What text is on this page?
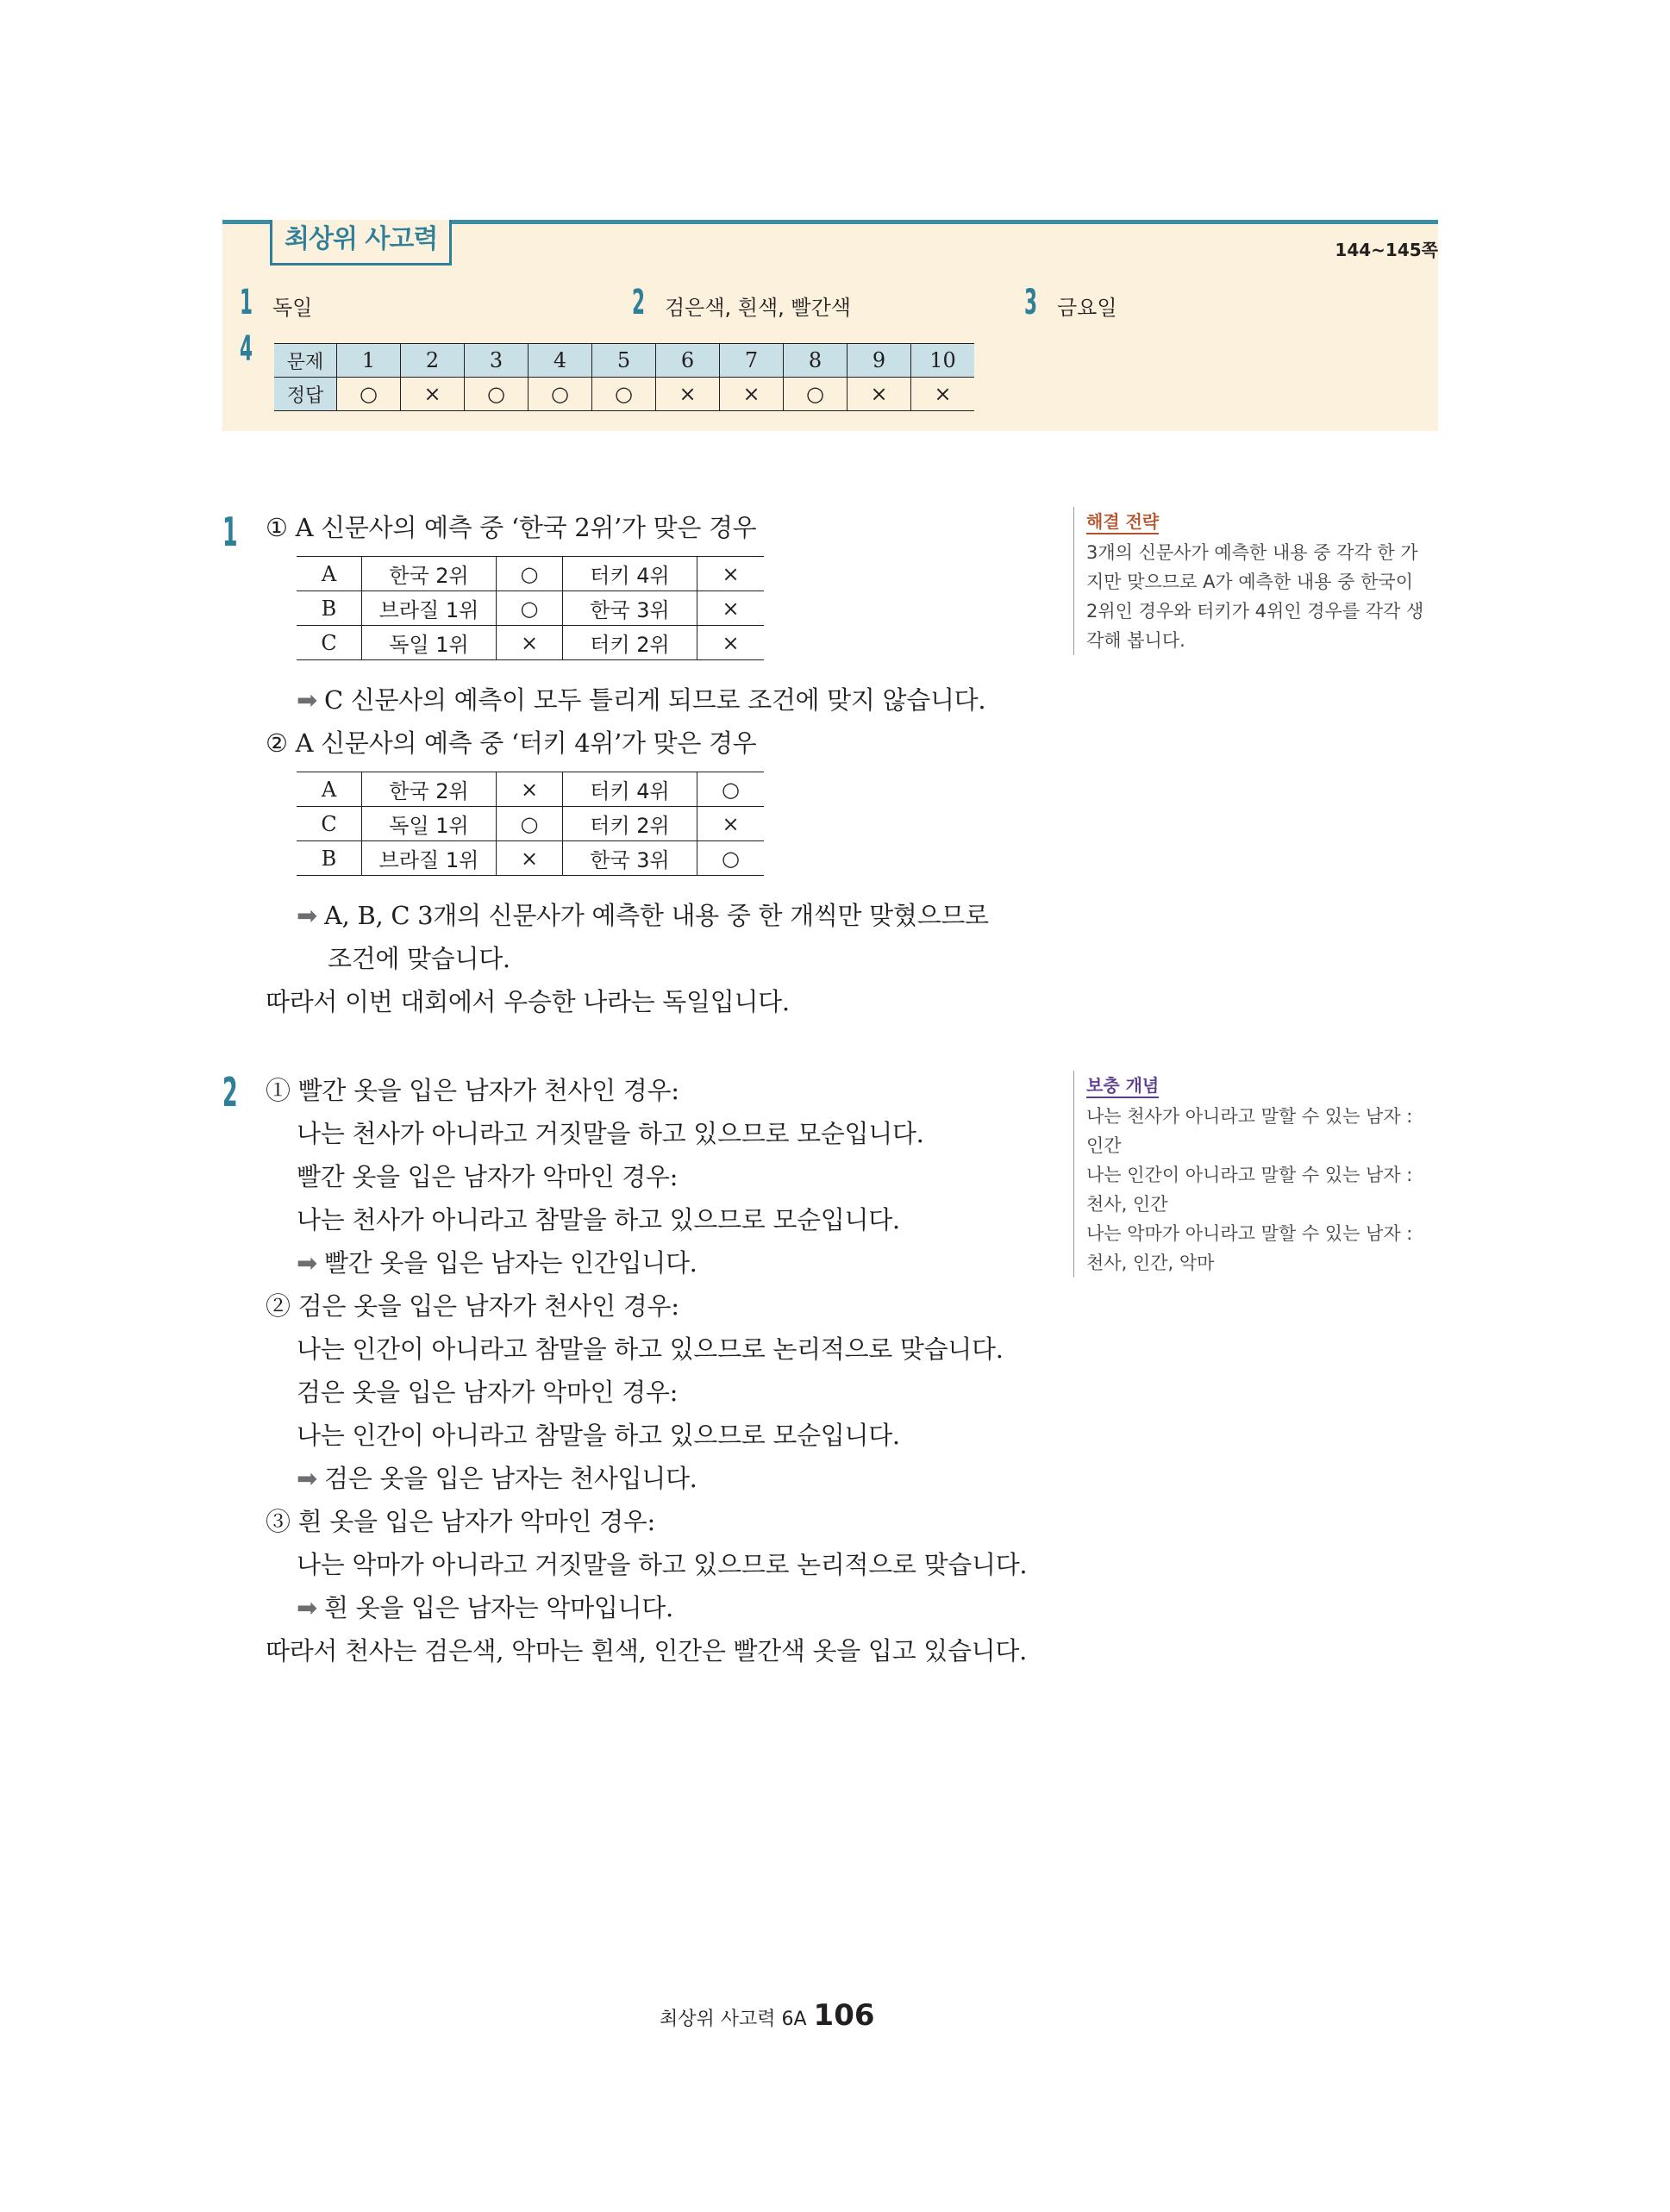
최상위 사고력	144~145쪽
1 독일	2 검은색, 흰색, 빨간색	3 금요일
4 문제	1	2	3	4	5	6	7	8	9	10
정답	○	×	○	○	○	×	×	○	×	×
1 ① A 신문사의 예측 중 ‘한국 2위’가 맞은 경우
A	한국 2위	○	터키 4위	×
B	브라질 1위	○	한국 3위	×
C	독일 1위	×	터키 2위	×
➡ C 신문사의 예측이 모두 틀리게 되므로 조건에 맞지 않습니다.
② A 신문사의 예측 중 ‘터키 4위’가 맞은 경우
A	한국 2위	×	터키 4위	○
C	독일 1위	○	터키 2위	×
B	브라질 1위	×	한국 3위	○
➡ A, B, C 3개의 신문사가 예측한 내용 중 한 개씩만 맞혔으므로
조건에 맞습니다.
따라서 이번 대회에서 우승한 나라는 독일입니다.
2 ① 빨간 옷을 입은 남자가 천사인 경우:
나는 천사가 아니라고 거짓말을 하고 있으므로 모순입니다.
빨간 옷을 입은 남자가 악마인 경우:
나는 천사가 아니라고 참말을 하고 있으므로 모순입니다.
➡ 빨간 옷을 입은 남자는 인간입니다.
② 검은 옷을 입은 남자가 천사인 경우:
나는 인간이 아니라고 참말을 하고 있으므로 논리적으로 맞습니다.
검은 옷을 입은 남자가 악마인 경우:
나는 인간이 아니라고 참말을 하고 있으므로 모순입니다.
➡ 검은 옷을 입은 남자는 천사입니다.
③ 흰 옷을 입은 남자가 악마인 경우:
나는 악마가 아니라고 거짓말을 하고 있으므로 논리적으로 맞습니다.
➡ 흰 옷을 입은 남자는 악마입니다.
따라서 천사는 검은색, 악마는 흰색, 인간은 빨간색 옷을 입고 있습니다.
해결 전략
3개의 신문사가 예측한 내용 중 각각 한 가
지만 맞으므로 A가 예측한 내용 중 한국이
2위인 경우와 터키가 4위인 경우를 각각 생
각해 봅니다.
보충 개념
나는 천사가 아니라고 말할 수 있는 남자 :
인간
나는 인간이 아니라고 말할 수 있는 남자 :
천사, 인간
나는 악마가 아니라고 말할 수 있는 남자 :
천사, 인간, 악마
최상위 사고력 6A 106
